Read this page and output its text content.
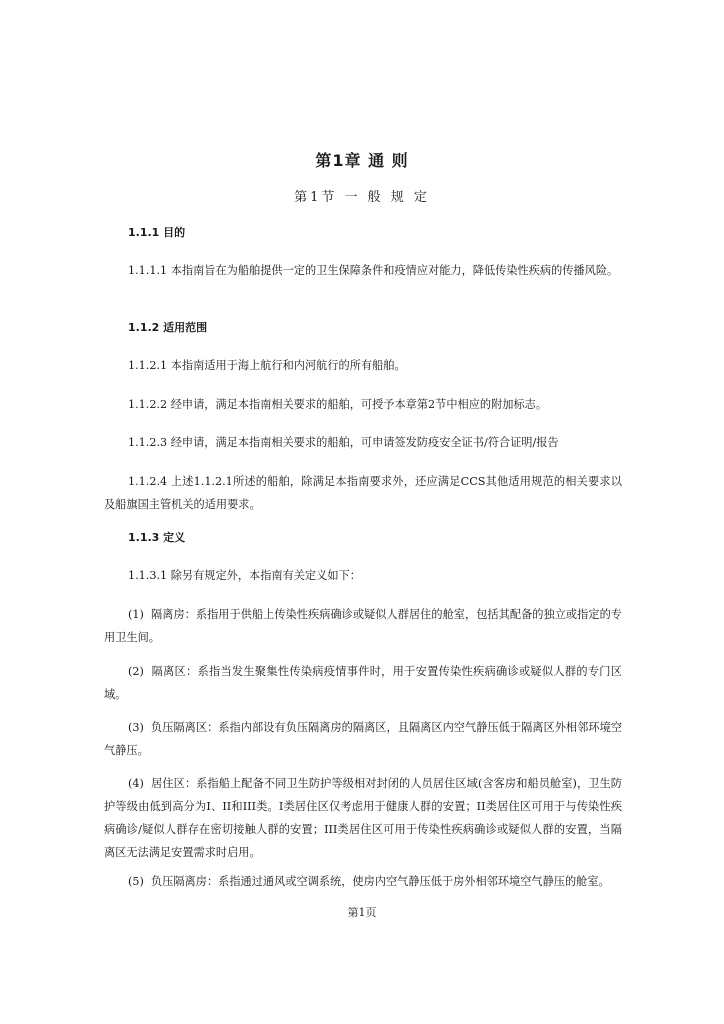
第1章 通 则
第1节 一 般 规 定
1.1.1 目的

1.1.1.1 本指南旨在为船舶提供一定的卫生保障条件和疫情应对能力，降低传染性疾病的传播风险。

1.1.2 适用范围

1.1.2.1 本指南适用于海上航行和内河航行的所有船舶。

1.1.2.2 经申请，满足本指南相关要求的船舶，可授予本章第2节中相应的附加标志。

1.1.2.3 经申请，满足本指南相关要求的船舶，可申请签发防疫安全证书/符合证明/报告

1.1.2.4 上述1.1.2.1所述的船舶，除满足本指南要求外，还应满足CCS其他适用规范的相关要求以及船旗国主管机关的适用要求。

1.1.3 定义

1.1.3.1 除另有规定外，本指南有关定义如下：

(1) 隔离房：系指用于供船上传染性疾病确诊或疑似人群居住的舱室，包括其配备的独立或指定的专用卫生间。

(2) 隔离区：系指当发生聚集性传染病疫情事件时，用于安置传染性疾病确诊或疑似人群的专门区域。

(3) 负压隔离区：系指内部设有负压隔离房的隔离区，且隔离区内空气静压低于隔离区外相邻环境空气静压。

(4) 居住区：系指船上配备不同卫生防护等级相对封闭的人员居住区域(含客房和船员舱室)，卫生防护等级由低到高分为I、II和III类。I类居住区仅考虑用于健康人群的安置；II类居住区可用于与传染性疾病确诊/疑似人群存在密切接触人群的安置；III类居住区可用于传染性疾病确诊或疑似人群的安置，当隔离区无法满足安置需求时启用。

(5) 负压隔离房：系指通过通风或空调系统，使房内空气静压低于房外相邻环境空气静压的舱室。

第1页
